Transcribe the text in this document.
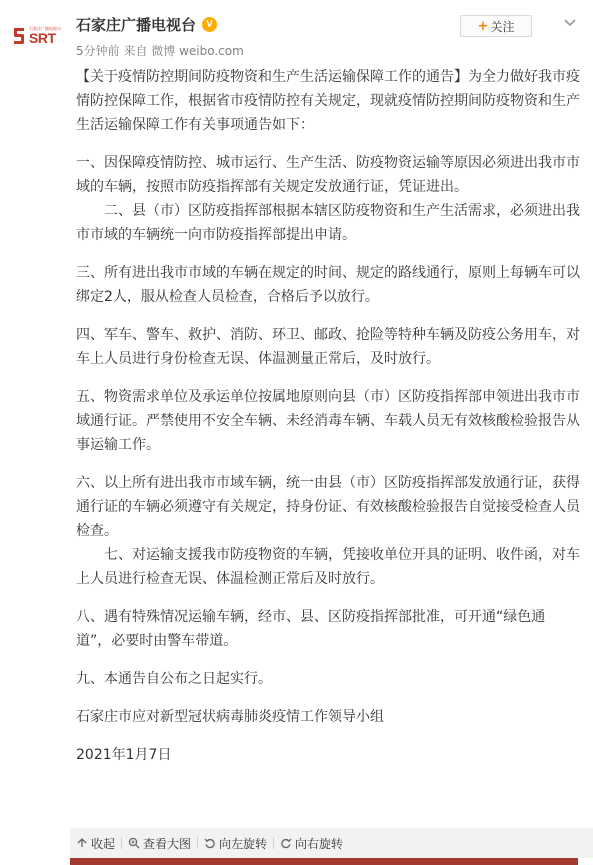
石家庄广播电视台
SRT
石家庄广播电视台	V
5分钟前 来自 微博 weibo.com
+ 关注

【关于疫情防控期间防疫物资和生产生活运输保障工作的通告】为全力做好我市疫情防控保障工作，根据省市疫情防控有关规定，现就疫情防控期间防疫物资和生产生活运输保障工作有关事项通告如下：

一、因保障疫情防控、城市运行、生产生活、防疫物资运输等原因必须进出我市市域的车辆，按照市防疫指挥部有关规定发放通行证，凭证进出。

二、县（市）区防疫指挥部根据本辖区防疫物资和生产生活需求，必须进出我市市域的车辆统一向市防疫指挥部提出申请。

三、所有进出我市市域的车辆在规定的时间、规定的路线通行，原则上每辆车可以绑定2人，服从检查人员检查，合格后予以放行。

四、军车、警车、救护、消防、环卫、邮政、抢险等特种车辆及防疫公务用车，对车上人员进行身份检查无误、体温测量正常后，及时放行。

五、物资需求单位及承运单位按属地原则向县（市）区防疫指挥部申领进出我市市域通行证。严禁使用不安全车辆、未经消毒车辆、车载人员无有效核酸检验报告从事运输工作。

六、以上所有进出我市市域车辆，统一由县（市）区防疫指挥部发放通行证，获得通行证的车辆必须遵守有关规定，持身份证、有效核酸检验报告自觉接受检查人员检查。

七、对运输支援我市防疫物资的车辆，凭接收单位开具的证明、收件函，对车上人员进行检查无误、体温检测正常后及时放行。

八、遇有特殊情况运输车辆，经市、县、区防疫指挥部批准，可开通“绿色通道”，必要时由警车带道。

九、本通告自公布之日起实行。

石家庄市应对新型冠状病毒肺炎疫情工作领导小组

2021年1月7日

收起 查看大图 向左旋转 向右旋转
